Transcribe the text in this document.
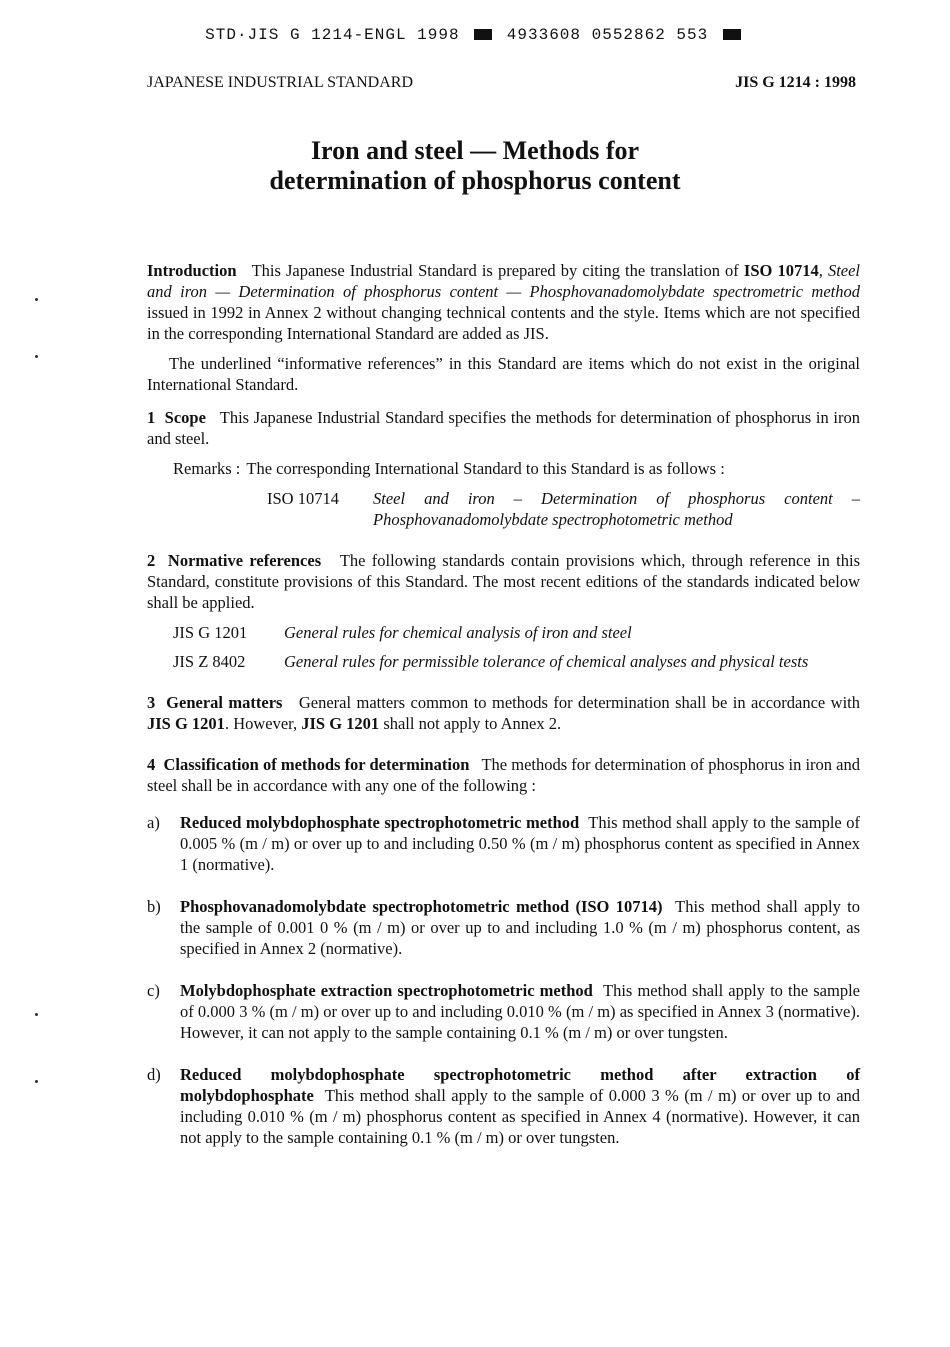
STD·JIS G 1214-ENGL 1998	4933608 0552862 553
JAPANESE INDUSTRIAL STANDARD	JIS G 1214 : 1998
Iron and steel — Methods for
determination of phosphorus content

Introduction This Japanese Industrial Standard is prepared by citing the translation of ISO 10714, Steel and iron — Determination of phosphorus content — Phosphovanadomolybdate spectrometric method issued in 1992 in Annex 2 without changing technical contents and the style. Items which are not specified in the corresponding International Standard are added as JIS.

The underlined “informative references” in this Standard are items which do not exist in the original International Standard.

1 Scope This Japanese Industrial Standard specifies the methods for determination of phosphorus in iron and steel.

Remarks : The corresponding International Standard to this Standard is as follows :
ISO 10714	Steel and iron – Determination of phosphorus content – Phosphovanadomolybdate spectrophotometric method

2 Normative references The following standards contain provisions which, through reference in this Standard, constitute provisions of this Standard. The most recent editions of the standards indicated below shall be applied.

JIS G 1201	General rules for chemical analysis of iron and steel
JIS Z 8402	General rules for permissible tolerance of chemical analyses and physical tests

3 General matters General matters common to methods for determination shall be in accordance with JIS G 1201. However, JIS G 1201 shall not apply to Annex 2.

4 Classification of methods for determination The methods for determination of phosphorus in iron and steel shall be in accordance with any one of the following :

a)	Reduced molybdophosphate spectrophotometric method This method shall apply to the sample of 0.005 % (m / m) or over up to and including 0.50 % (m / m) phosphorus content as specified in Annex 1 (normative).
b)	Phosphovanadomolybdate spectrophotometric method (ISO 10714) This method shall apply to the sample of 0.001 0 % (m / m) or over up to and including 1.0 % (m / m) phosphorus content, as specified in Annex 2 (normative).
c)	Molybdophosphate extraction spectrophotometric method This method shall apply to the sample of 0.000 3 % (m / m) or over up to and including 0.010 % (m / m) as specified in Annex 3 (normative). However, it can not apply to the sample containing 0.1 % (m / m) or over tungsten.
d)	Reduced molybdophosphate spectrophotometric method after extraction of molybdophosphate This method shall apply to the sample of 0.000 3 % (m / m) or over up to and including 0.010 % (m / m) phosphorus content as specified in Annex 4 (normative). However, it can not apply to the sample containing 0.1 % (m / m) or over tungsten.
